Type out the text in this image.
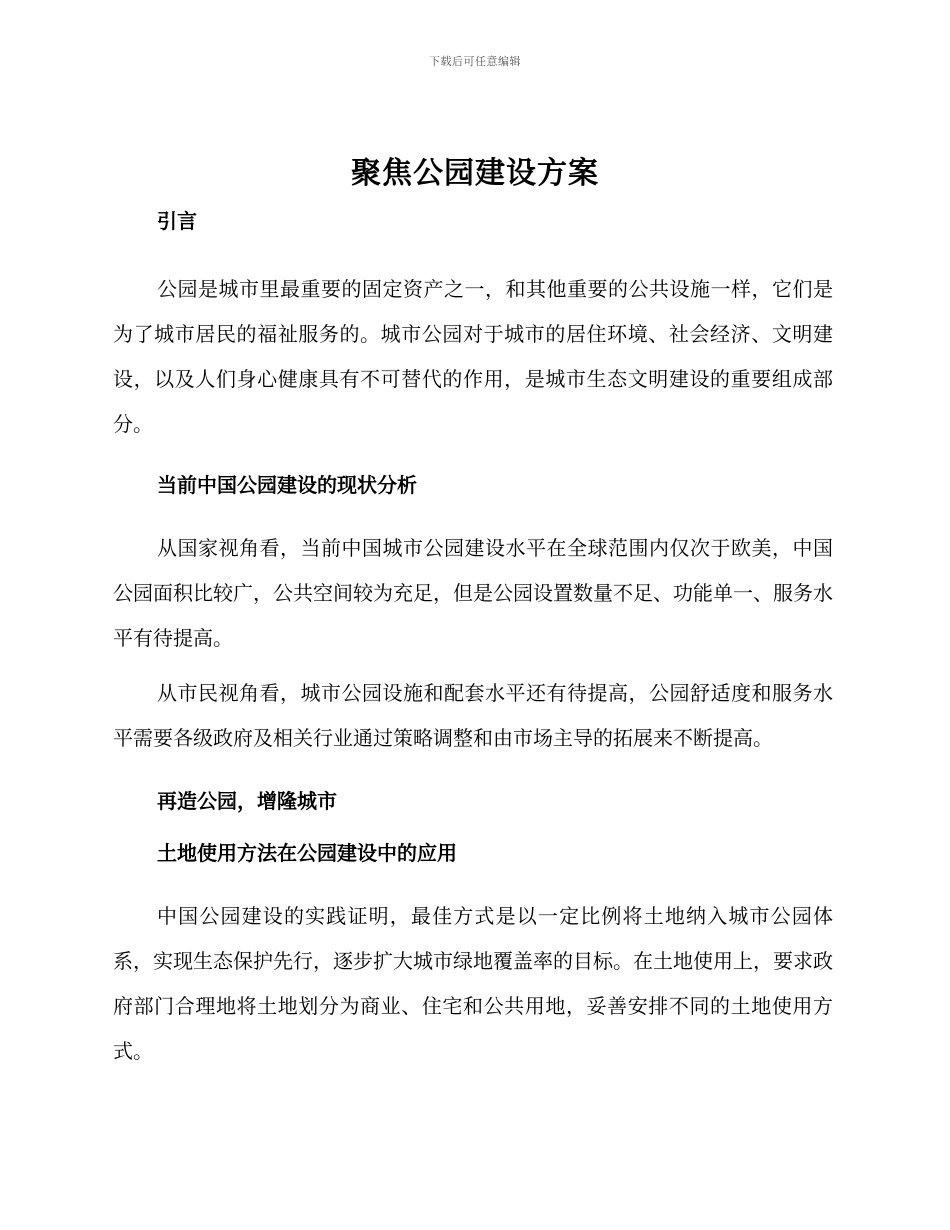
下载后可任意编辑
聚焦公园建设方案
引言

公园是城市里最重要的固定资产之一，和其他重要的公共设施一样，它们是为了城市居民的福祉服务的。城市公园对于城市的居住环境、社会经济、文明建设，以及人们身心健康具有不可替代的作用，是城市生态文明建设的重要组成部分。

当前中国公园建设的现状分析

从国家视角看，当前中国城市公园建设水平在全球范围内仅次于欧美，中国公园面积比较广，公共空间较为充足，但是公园设置数量不足、功能单一、服务水平有待提高。

从市民视角看，城市公园设施和配套水平还有待提高，公园舒适度和服务水平需要各级政府及相关行业通过策略调整和由市场主导的拓展来不断提高。

再造公园，增隆城市
土地使用方法在公园建设中的应用

中国公园建设的实践证明，最佳方式是以一定比例将土地纳入城市公园体系，实现生态保护先行，逐步扩大城市绿地覆盖率的目标。在土地使用上，要求政府部门合理地将土地划分为商业、住宅和公共用地，妥善安排不同的土地使用方式。
